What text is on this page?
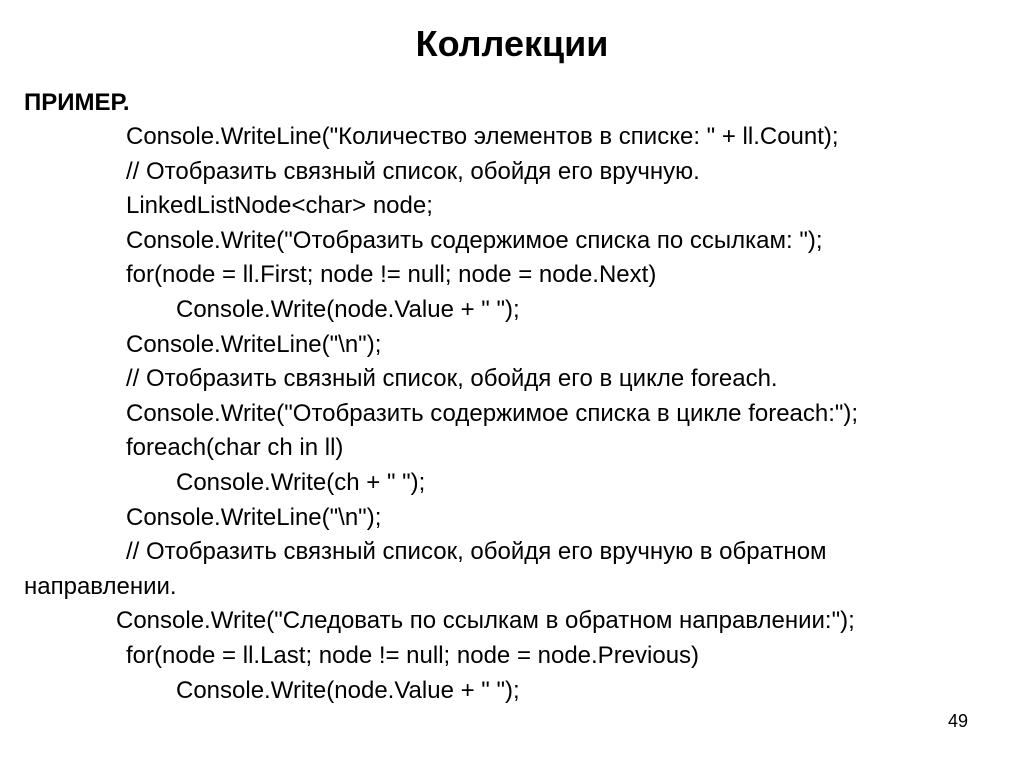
Коллекции
ПРИМЕР.
Console.WriteLine("Количество элементов в списке: " + ll.Count);
// Отобразить связный список, обойдя его вручную.
LinkedListNode<char> node;
Console.Write("Отобразить содержимое списка по ссылкам: ");
for(node = ll.First; node != null; node = node.Next)
Console.Write(node.Value + " ");
Console.WriteLine("\n");
// Отобразить связный список, обойдя его в цикле foreach.
Console.Write("Отобразить содержимое списка в цикле foreach:");
foreach(char ch in ll)
Console.Write(ch + " ");
Console.WriteLine("\n");
// Отобразить связный список, обойдя его вручную в обратном
направлении.
Console.Write("Следовать по ссылкам в обратном направлении:");
for(node = ll.Last; node != null; node = node.Previous)
Console.Write(node.Value + " ");
49
